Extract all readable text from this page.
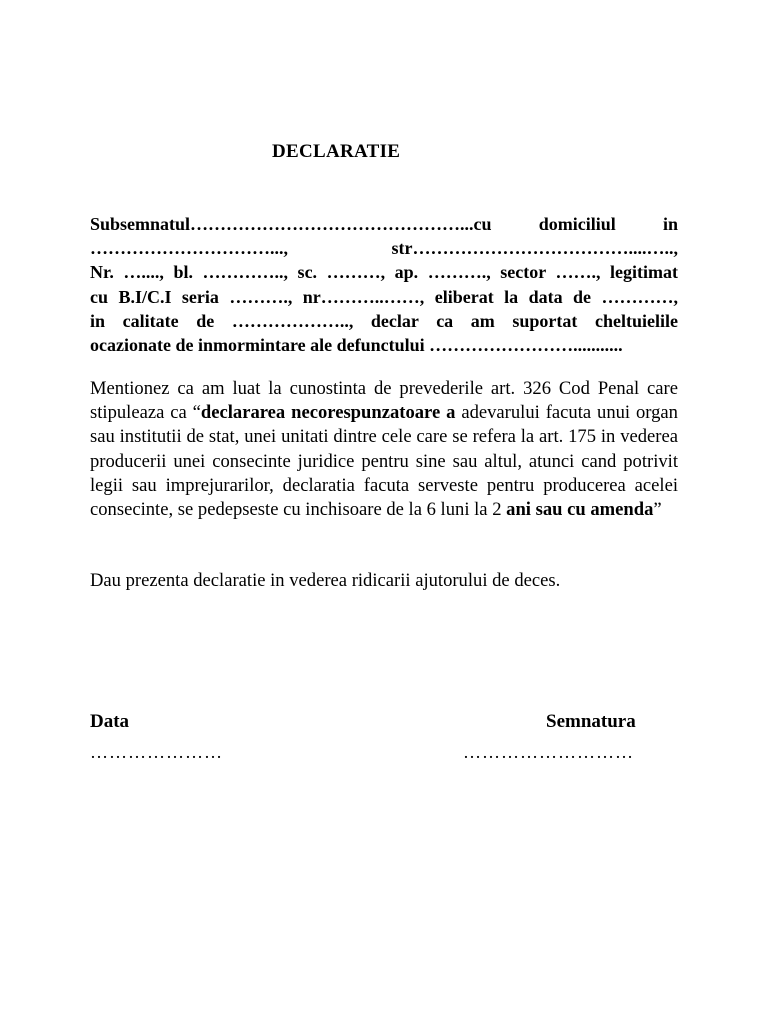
DECLARATIE
Subsemnatul………………………………………...cu domiciliul in
…………………………..., str………………………………....…..,
Nr. …...., bl. ………….., sc. ………, ap. ………., sector ……., legitimat
cu B.I/C.I seria ………., nr………..……, eliberat la data de …………,
in calitate de ……………….., declar ca am suportat cheltuielile
ocazionate de inmormintare ale defunctului ……………………...........
Mentionez ca am luat la cunostinta de prevederile art. 326 Cod Penal care stipuleaza ca “declararea necorespunzatoare a adevarului facuta unui organ sau institutii de stat, unei unitati dintre cele care se refera la art. 175 in vederea producerii unei consecinte juridice pentru sine sau altul, atunci cand potrivit legii sau imprejurarilor, declaratia facuta serveste pentru producerea acelei consecinte, se pedepseste cu inchisoare de la 6 luni la 2 ani sau cu amenda”
Dau prezenta declaratie in vederea ridicarii ajutorului de deces.
Data	Semnatura
…………………	………………………
